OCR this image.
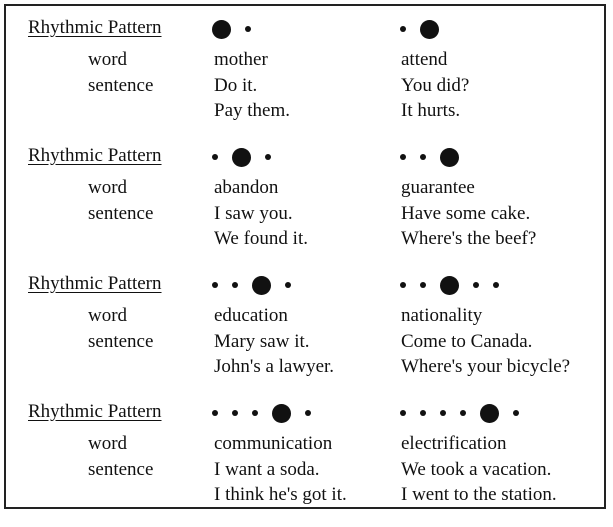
Rhythmic Pattern
word	mother	attend
sentence	Do it.	You did?
Pay them.	It hurts.
Rhythmic Pattern
word	abandon	guarantee
sentence	I saw you.	Have some cake.
We found it.	Where's the beef?
Rhythmic Pattern
word	education	nationality
sentence	Mary saw it.	Come to Canada.
John's a lawyer.	Where's your bicycle?
Rhythmic Pattern
word	communication	electrification
sentence	I want a soda.	We took a vacation.
I think he's got it.	I went to the station.
